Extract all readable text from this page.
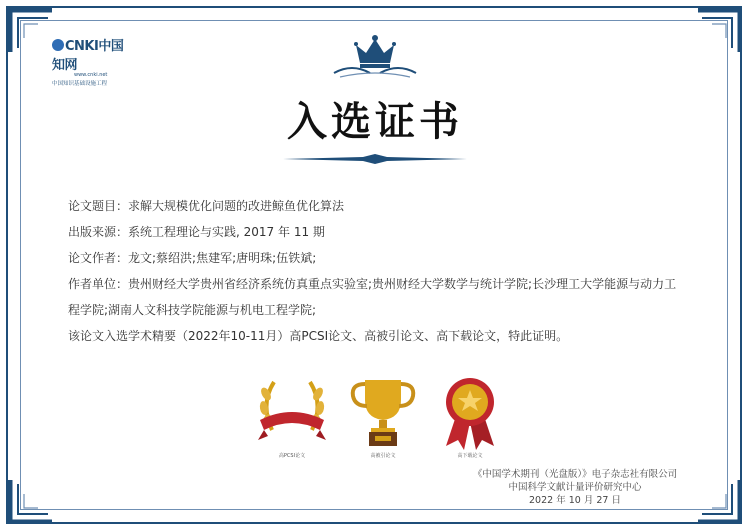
CNKI中国知网
www.cnki.net
中国知识基础设施工程
入选证书
论文题目：求解大规模优化问题的改进鲸鱼优化算法
出版来源：系统工程理论与实践, 2017 年 11 期
论文作者：龙文;蔡绍洪;焦建军;唐明珠;伍铁斌;
作者单位：贵州财经大学贵州省经济系统仿真重点实验室;贵州财经大学数学与统计学院;长沙理工大学能源与动力工程学院;湖南人文科技学院能源与机电工程学院;
该论文入选学术精要（2022年10-11月）高PCSI论文、高被引论文、高下载论文，特此证明。
高PCSI论文	高被引论文	高下载论文
《中国学术期刊（光盘版）》电子杂志社有限公司
中国科学文献计量评价研究中心
2022 年 10 月 27 日
